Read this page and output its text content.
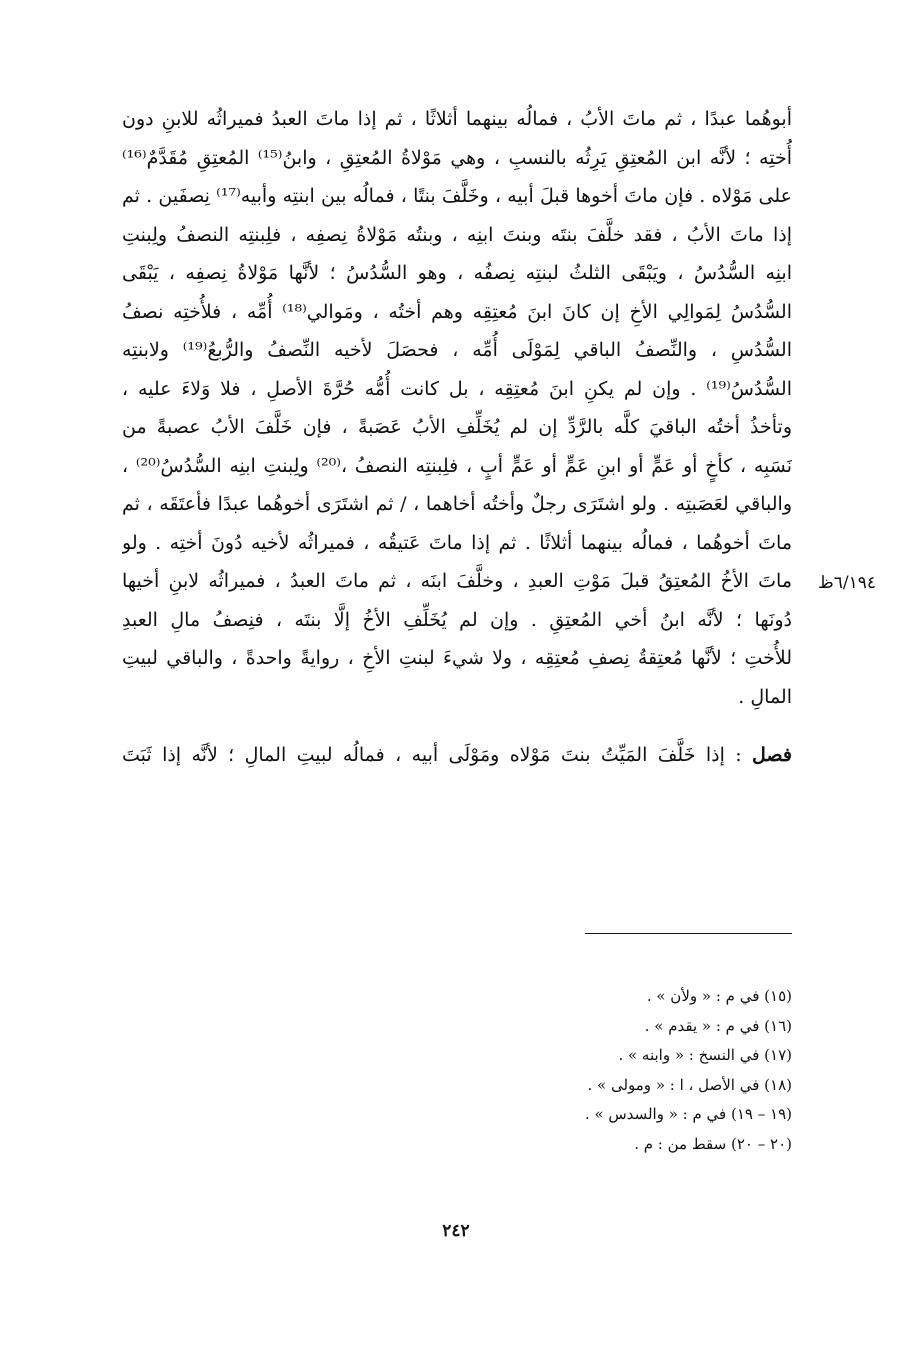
أبوهُما عبدًا ، ثم ماتَ الأبُ ، فمالُه بينهما أثلاثًا ، ثم إذا ماتَ العبدُ فميراثُه للابنِ دون
أُختِه ؛ لأنَّه ابن المُعتِقِ يَرِثُه بالنسبِ ، وهي مَوْلاةُ المُعتِقِ ، وابنُ⁽¹⁵⁾ المُعتِقِ مُقَدَّمٌ⁽¹⁶⁾
على مَوْلاه . فإن ماتَ أخوها قبلَ أبيه ، وخَلَّفَ بنتًا ، فمالُه بين ابنتِه وأبيه⁽¹⁷⁾ نِصفَين . ثم
إذا ماتَ الأبُ ، فقد خلَّفَ بنتَه وبنتَ ابنِه ، وبنتُه مَوْلاةُ نِصفِه ، فلِبنتِه النصفُ ولِبنتِ
ابنِه السُّدُسُ ، ويَبْقَى الثلثُ لبنتِه نِصفُه ، وهو السُّدُسُ ؛ لأنَّها مَوْلاةُ نِصفِه ، يَبْقَى
السُّدُسُ لِمَوالِي الأخِ إن كانَ ابنَ مُعتِقِه وهم أختُه ، ومَوالي⁽¹⁸⁾ أُمِّه ، فلأُختِه نصفُ
السُّدُسِ ، والنِّصفُ الباقي لِمَوْلَى أُمِّه ، فحصَلَ لأخيه النِّصفُ والرُّبعُ⁽¹⁹⁾ ولابنتِه
السُّدُسُ⁽¹⁹⁾ . وإن لم يكنِ ابنَ مُعتِقِه ، بل كانت أُمُّه حُرَّةَ الأصلِ ، فلا وَلاءَ عليه ،
وتأخذُ أختُه الباقيَ كلَّه بالرَّدِّ إن لم يُخَلِّفِ الأبُ عَصَبةً ، فإن خَلَّفَ الأبُ عصبةً من
نَسَبِه ، كأخٍ أو عَمٍّ أو ابنِ عَمٍّ أو عَمٍّ أبٍ ، فلِبنتِه النصفُ ،⁽²⁰⁾ ولِبنتِ ابنِه السُّدُسُ⁽²⁰⁾ ،
والباقي لعَصَبتِه . ولو اشتَرَى رجلٌ وأختُه أخاهما ، / ثم اشتَرَى أخوهُما عبدًا فأعتَقَه ، ثم
ماتَ أخوهُما ، فمالُه بينهما أثلاثًا . ثم إذا ماتَ عَتيقُه ، فميراثُه لأخيه دُونَ أختِه . ولو
ماتَ الأخُ المُعتِقُ قبلَ مَوْتِ العبدِ ، وخلَّفَ ابنَه ، ثم ماتَ العبدُ ، فميراثُه لابنِ أخيها
دُونَها ؛ لأنَّه ابنُ أخي المُعتِقِ . وإن لم يُخَلِّفِ الأخُ إلَّا بنتَه ، فنِصفُ مالِ العبدِ
للأُختِ ؛ لأنَّها مُعتِقةُ نِصفِ مُعتِقِه ، ولا شيءَ لبنتِ الأخِ ، روايةً واحدةً ، والباقي لبيتِ
المالِ .
فصل : إذا خَلَّفَ المَيِّتُ بنتَ مَوْلاه ومَوْلَى أبيه ، فمالُه لبيتِ المالِ ؛ لأنَّه إذا ثَبَتَ
٦/١٩٤ظ
(١٥) في م : « ولأن » .
(١٦) في م : « يقدم » .
(١٧) في النسخ : « وابنه » .
(١٨) في الأصل ، ا : « ومولى » .
(١٩ – ١٩) في م : « والسدس » .
(٢٠ – ٢٠) سقط من : م .
٢٤٢
